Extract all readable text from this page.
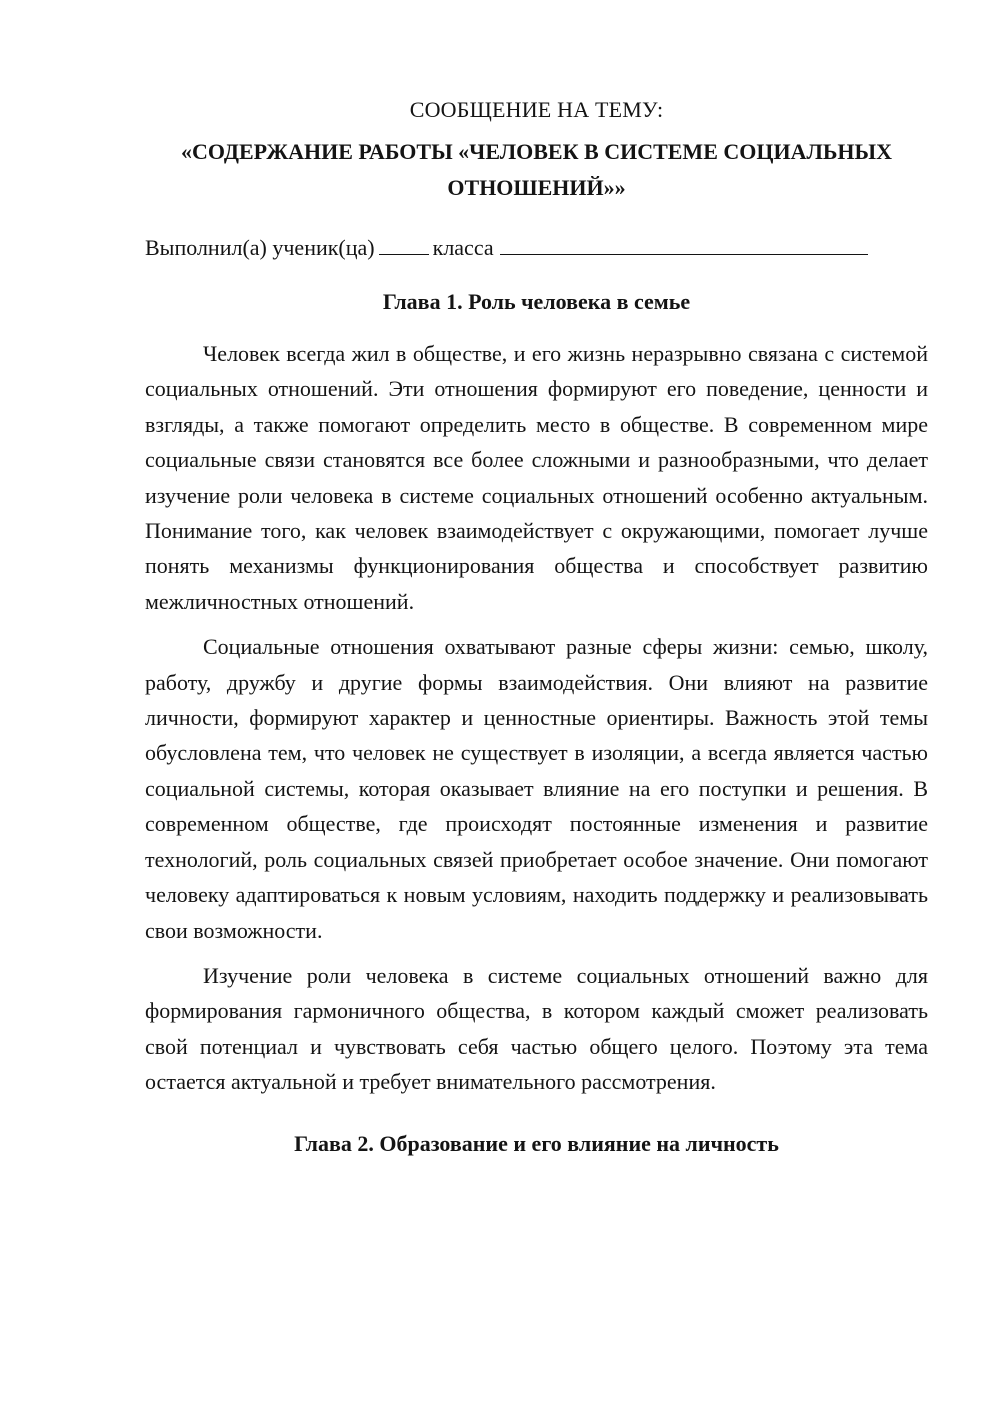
СООБЩЕНИЕ НА ТЕМУ:
«СОДЕРЖАНИЕ РАБОТЫ «ЧЕЛОВЕК В СИСТЕМЕ СОЦИАЛЬНЫХ ОТНОШЕНИЙ»»

Выполнил(а) ученик(ца)	класса

Глава 1. Роль человека в семье

Человек всегда жил в обществе, и его жизнь неразрывно связана с системой социальных отношений. Эти отношения формируют его поведение, ценности и взгляды, а также помогают определить место в обществе. В современном мире социальные связи становятся все более сложными и разнообразными, что делает изучение роли человека в системе социальных отношений особенно актуальным. Понимание того, как человек взаимодействует с окружающими, помогает лучше понять механизмы функционирования общества и способствует развитию межличностных отношений.

Социальные отношения охватывают разные сферы жизни: семью, школу, работу, дружбу и другие формы взаимодействия. Они влияют на развитие личности, формируют характер и ценностные ориентиры. Важность этой темы обусловлена тем, что человек не существует в изоляции, а всегда является частью социальной системы, которая оказывает влияние на его поступки и решения. В современном обществе, где происходят постоянные изменения и развитие технологий, роль социальных связей приобретает особое значение. Они помогают человеку адаптироваться к новым условиям, находить поддержку и реализовывать свои возможности.

Изучение роли человека в системе социальных отношений важно для формирования гармоничного общества, в котором каждый сможет реализовать свой потенциал и чувствовать себя частью общего целого. Поэтому эта тема остается актуальной и требует внимательного рассмотрения.

Глава 2. Образование и его влияние на личность
